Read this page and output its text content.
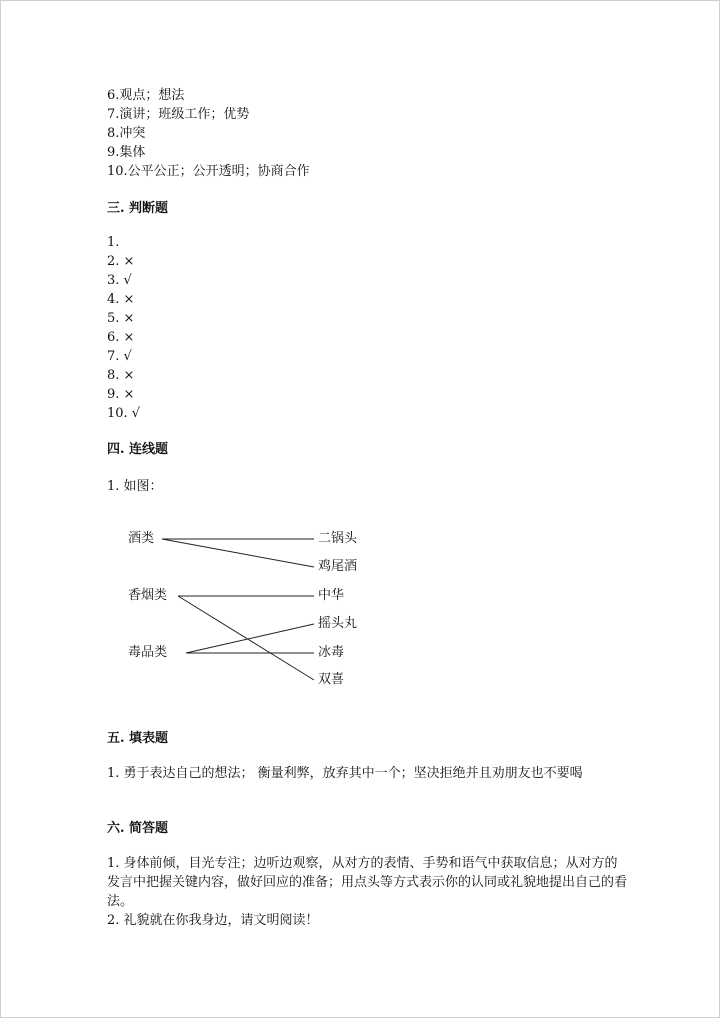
6.观点；想法
7.演讲；班级工作；优势
8.冲突
9.集体
10.公平公正；公开透明；协商合作
三. 判断题
1.
2. ×
3. √
4. ×
5. ×
6. ×
7. √
8. ×
9. ×
10. √
四. 连线题
1. 如图：
酒类
香烟类
毒品类
二锅头
鸡尾酒
中华
摇头丸
冰毒
双喜
五. 填表题
1. 勇于表达自己的想法； 衡量利弊，放弃其中一个；坚决拒绝并且劝朋友也不要喝
六. 简答题
1. 身体前倾，目光专注；边听边观察，从对方的表情、手势和语气中获取信息；从对方的发言中把握关键内容，做好回应的准备；用点头等方式表示你的认同或礼貌地提出自己的看法。
2. 礼貌就在你我身边，请文明阅读！
